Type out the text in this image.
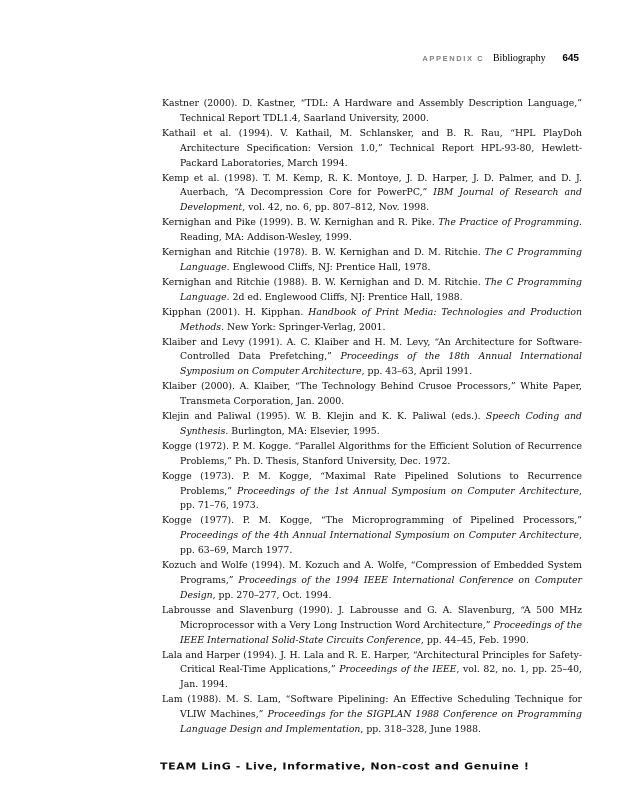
APPENDIX C Bibliography 645

Kastner (2000). D. Kastner, “TDL: A Hardware and Assembly Description Language,” Technical Report TDL1.4, Saarland University, 2000.

Kathail et al. (1994). V. Kathail, M. Schlansker, and B. R. Rau, “HPL PlayDoh Architecture Specification: Version 1.0,” Technical Report HPL-93-80, Hewlett-Packard Laboratories, March 1994.

Kemp et al. (1998). T. M. Kemp, R. K. Montoye, J. D. Harper, J. D. Palmer, and D. J. Auerbach, “A Decompression Core for PowerPC,” IBM Journal of Research and Development, vol. 42, no. 6, pp. 807–812, Nov. 1998.

Kernighan and Pike (1999). B. W. Kernighan and R. Pike. The Practice of Programming. Reading, MA: Addison-Wesley, 1999.

Kernighan and Ritchie (1978). B. W. Kernighan and D. M. Ritchie. The C Programming Language. Englewood Cliffs, NJ: Prentice Hall, 1978.

Kernighan and Ritchie (1988). B. W. Kernighan and D. M. Ritchie. The C Programming Language. 2d ed. Englewood Cliffs, NJ: Prentice Hall, 1988.

Kipphan (2001). H. Kipphan. Handbook of Print Media: Technologies and Production Methods. New York: Springer-Verlag, 2001.

Klaiber and Levy (1991). A. C. Klaiber and H. M. Levy, “An Architecture for Software-Controlled Data Prefetching,” Proceedings of the 18th Annual International Symposium on Computer Architecture, pp. 43–63, April 1991.

Klaiber (2000). A. Klaiber, “The Technology Behind Crusoe Processors,” White Paper, Transmeta Corporation, Jan. 2000.

Klejin and Paliwal (1995). W. B. Klejin and K. K. Paliwal (eds.). Speech Coding and Synthesis. Burlington, MA: Elsevier, 1995.

Kogge (1972). P. M. Kogge. “Parallel Algorithms for the Efficient Solution of Recurrence Problems,” Ph. D. Thesis, Stanford University, Dec. 1972.

Kogge (1973). P. M. Kogge, “Maximal Rate Pipelined Solutions to Recurrence Problems,” Proceedings of the 1st Annual Symposium on Computer Architecture, pp. 71–76, 1973.

Kogge (1977). P. M. Kogge, “The Microprogramming of Pipelined Processors,” Proceedings of the 4th Annual International Symposium on Computer Architecture, pp. 63–69, March 1977.

Kozuch and Wolfe (1994). M. Kozuch and A. Wolfe, “Compression of Embedded System Programs,” Proceedings of the 1994 IEEE International Conference on Computer Design, pp. 270–277, Oct. 1994.

Labrousse and Slavenburg (1990). J. Labrousse and G. A. Slavenburg, “A 500 MHz Microprocessor with a Very Long Instruction Word Architecture,” Proceedings of the IEEE International Solid-State Circuits Conference, pp. 44–45, Feb. 1990.

Lala and Harper (1994). J. H. Lala and R. E. Harper, “Architectural Principles for Safety-Critical Real-Time Applications,” Proceedings of the IEEE, vol. 82, no. 1, pp. 25–40, Jan. 1994.

Lam (1988). M. S. Lam, “Software Pipelining: An Effective Scheduling Technique for VLIW Machines,” Proceedings for the SIGPLAN 1988 Conference on Programming Language Design and Implementation, pp. 318–328, June 1988.

TEAM LinG - Live, Informative, Non-cost and Genuine !
